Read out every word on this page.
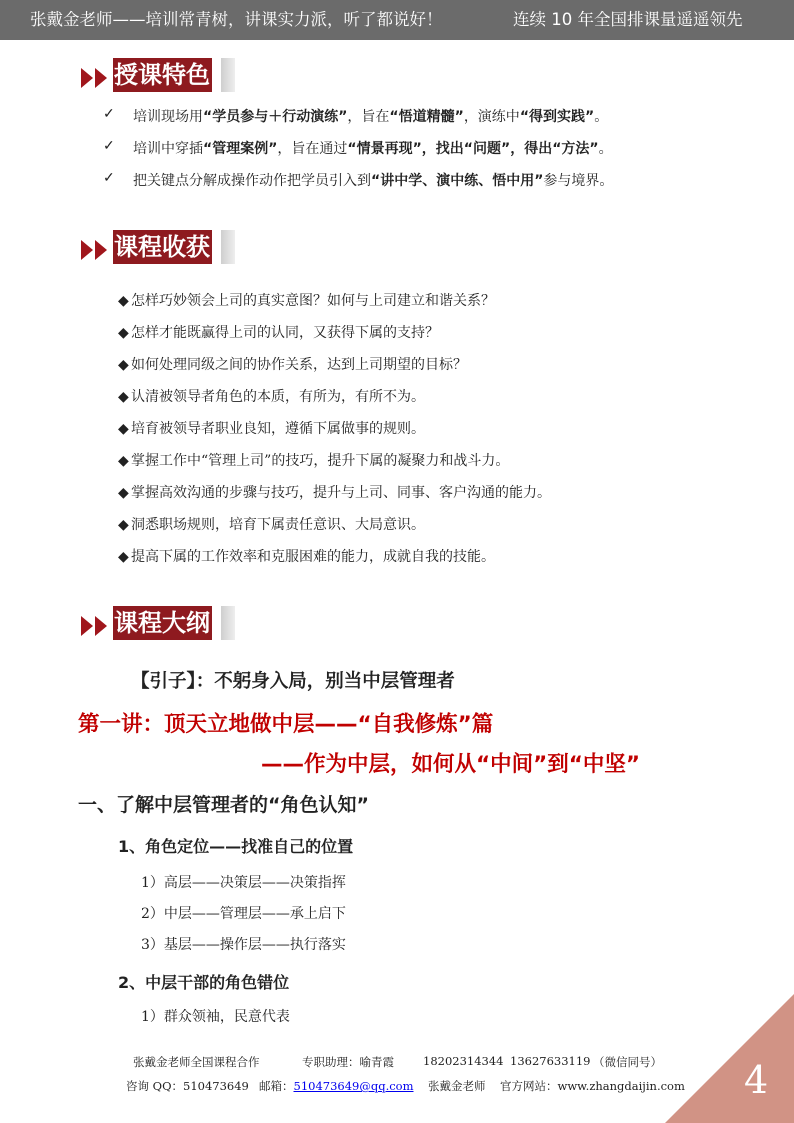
张戴金老师——培训常青树，讲课实力派，听了都说好！	连续 10 年全国排课量遥遥领先
授课特色
✓ 培训现场用“学员参与＋行动演练”，旨在“悟道精髓”，演练中“得到实践”。
✓ 培训中穿插“管理案例”，旨在通过“情景再现”，找出“问题”，得出“方法”。
✓ 把关键点分解成操作动作把学员引入到“讲中学、演中练、悟中用”参与境界。
课程收获
◆ 怎样巧妙领会上司的真实意图？如何与上司建立和谐关系？
◆ 怎样才能既赢得上司的认同，又获得下属的支持？
◆ 如何处理同级之间的协作关系，达到上司期望的目标？
◆ 认清被领导者角色的本质，有所为，有所不为。
◆ 培育被领导者职业良知，遵循下属做事的规则。
◆ 掌握工作中“管理上司”的技巧，提升下属的凝聚力和战斗力。
◆ 掌握高效沟通的步骤与技巧，提升与上司、同事、客户沟通的能力。
◆ 洞悉职场规则，培育下属责任意识、大局意识。
◆ 提高下属的工作效率和克服困难的能力，成就自我的技能。
课程大纲
【引子】：不躬身入局，别当中层管理者
第一讲：顶天立地做中层——“自我修炼”篇
——作为中层，如何从“中间”到“中坚”
一、了解中层管理者的“角色认知”
1、角色定位——找准自己的位置
1）高层——决策层——决策指挥
2）中层——管理层——承上启下
3）基层——操作层——执行落实
2、中层干部的角色错位
1）群众领袖，民意代表
张戴金老师全国课程合作	专职助理：喻青霞	18202314344 13627633119 （微信同号）
咨询 QQ：510473649 邮箱：510473649@qq.com 张戴金老师 官方网站：www.zhangdaijin.com 4
